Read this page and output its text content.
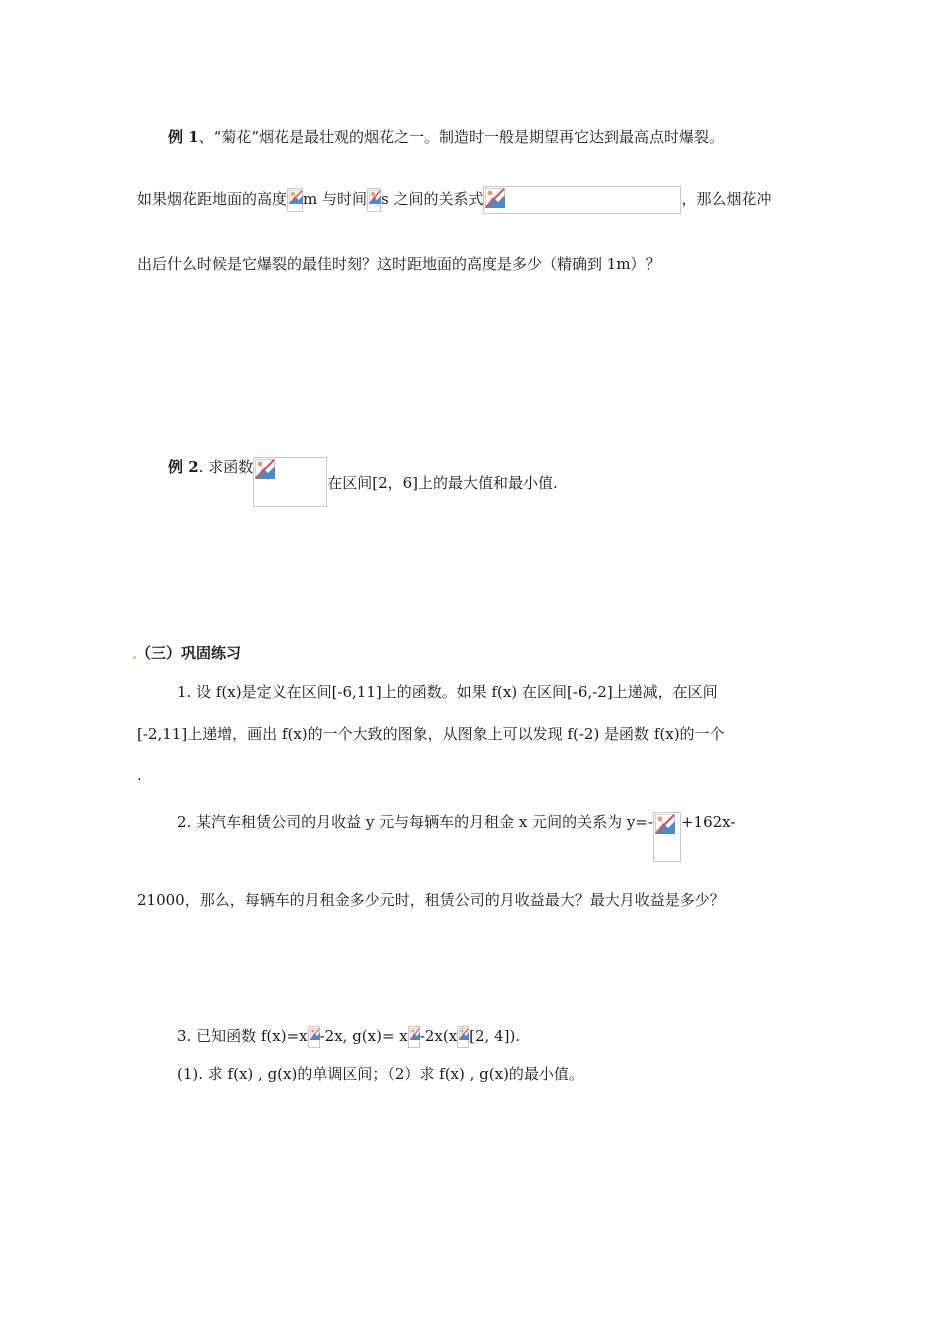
例 1、“菊花”烟花是最壮观的烟花之一。制造时一般是期望再它达到最高点时爆裂。
如果烟花距地面的高度 m 与时间 s 之间的关系式	，那么烟花冲
出后什么时候是它爆裂的最佳时刻？这时距地面的高度是多少（精确到 1m）？
例 2. 求函数
在区间[2，6]上的最大值和最小值.
（三）巩固练习
1. 设 f(x)是定义在区间[-6,11]上的函数。如果 f(x) 在区间[-6,-2]上递减，在区间
[-2,11]上递增，画出 f(x)的一个大致的图象，从图象上可以发现 f(-2) 是函数 f(x)的一个
.
2. 某汽车租赁公司的月收益 y 元与每辆车的月租金 x 元间的关系为 y=- +162x-
21000，那么，每辆车的月租金多少元时，租赁公司的月收益最大？最大月收益是多少？
3. 已知函数 f(x)=x -2x, g(x)= x -2x(x [2, 4]).
(1). 求 f(x) , g(x)的单调区间；（2）求 f(x) , g(x)的最小值。
